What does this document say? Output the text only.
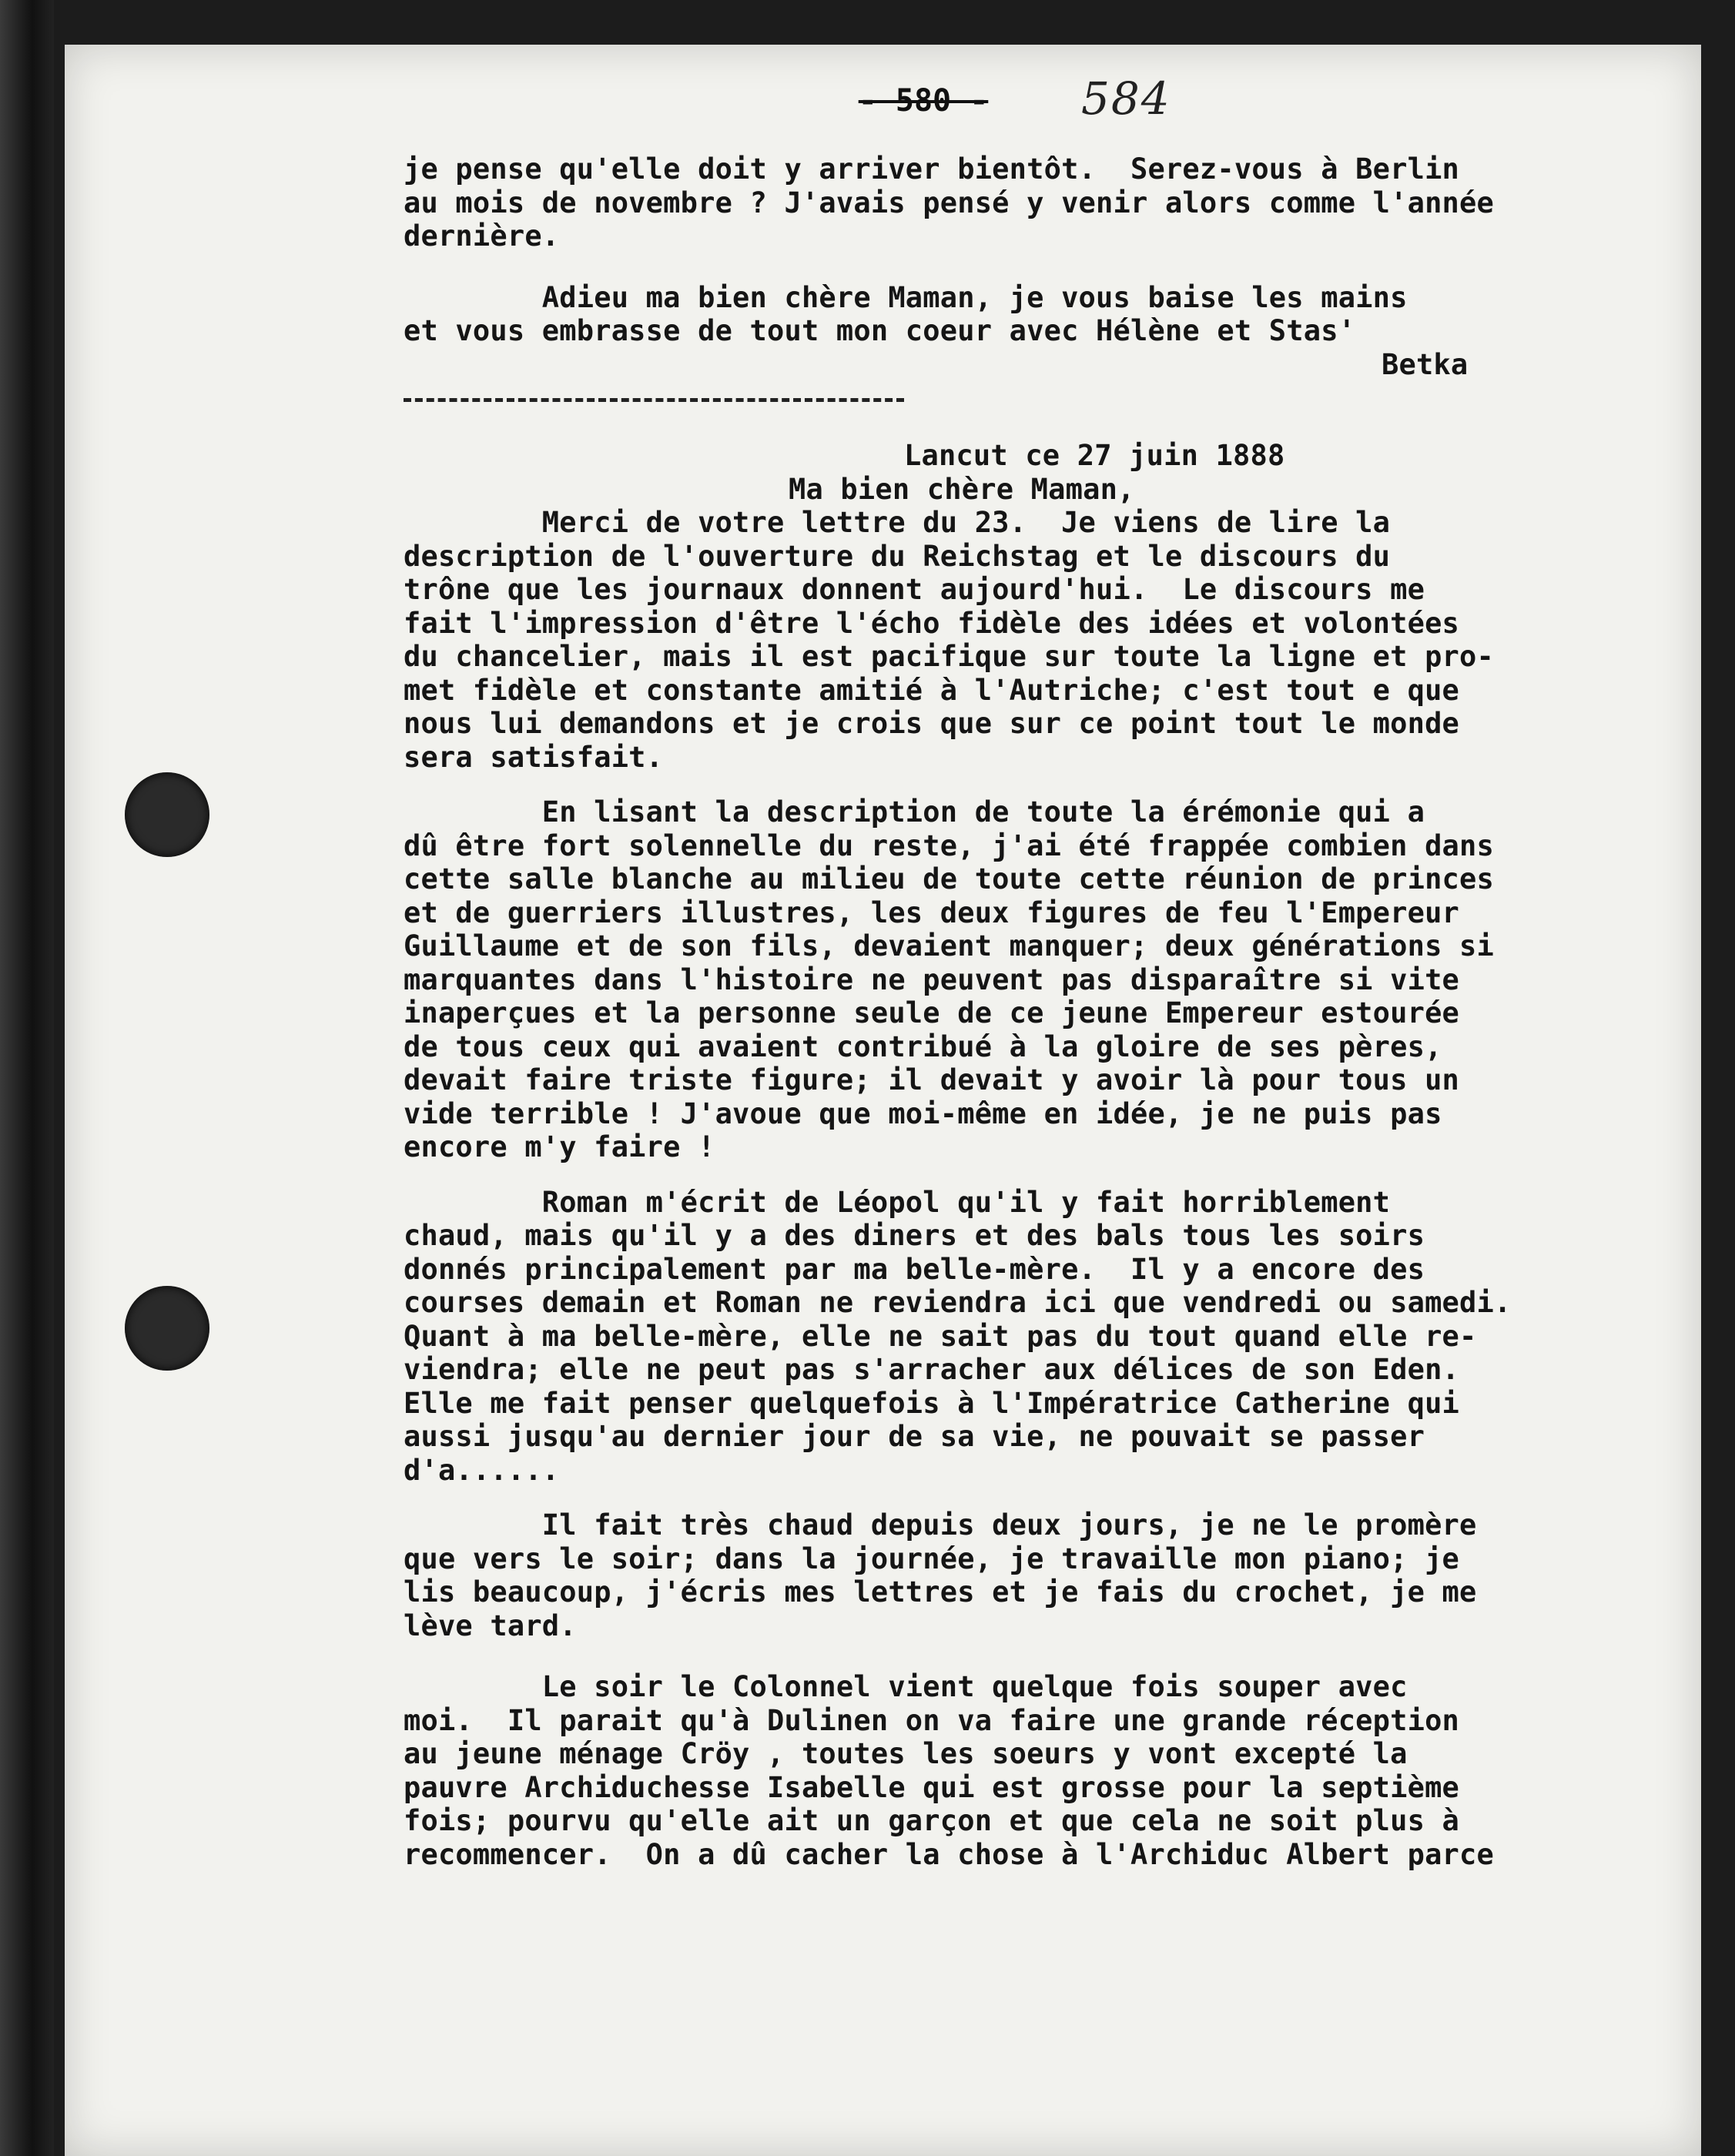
- 580 -	584

je pense qu'elle doit y arriver bientôt.  Serez-vous à Berlin

au mois de novembre ? J'avais pensé y venir alors comme l'année

dernière.

Adieu ma bien chère Maman, je vous baise les mains

et vous embrasse de tout mon coeur avec Hélène et Stas'

Betka

Lancut ce 27 juin 1888

Ma bien chère Maman,

Merci de votre lettre du 23.  Je viens de lire la

description de l'ouverture du Reichstag et le discours du

trône que les journaux donnent aujourd'hui.  Le discours me

fait l'impression d'être l'écho fidèle des idées et volontées

du chancelier, mais il est pacifique sur toute la ligne et pro-

met fidèle et constante amitié à l'Autriche; c'est tout e que

nous lui demandons et je crois que sur ce point tout le monde

sera satisfait.

En lisant la description de toute la érémonie qui a

dû être fort solennelle du reste, j'ai été frappée combien dans

cette salle blanche au milieu de toute cette réunion de princes

et de guerriers illustres, les deux figures de feu l'Empereur

Guillaume et de son fils, devaient manquer; deux générations si

marquantes dans l'histoire ne peuvent pas disparaître si vite

inaperçues et la personne seule de ce jeune Empereur estourée

de tous ceux qui avaient contribué à la gloire de ses pères,

devait faire triste figure; il devait y avoir là pour tous un

vide terrible ! J'avoue que moi-même en idée, je ne puis pas

encore m'y faire !

Roman m'écrit de Léopol qu'il y fait horriblement

chaud, mais qu'il y a des diners et des bals tous les soirs

donnés principalement par ma belle-mère.  Il y a encore des

courses demain et Roman ne reviendra ici que vendredi ou samedi.

Quant à ma belle-mère, elle ne sait pas du tout quand elle re-

viendra; elle ne peut pas s'arracher aux délices de son Eden.

Elle me fait penser quelquefois à l'Impératrice Catherine qui

aussi jusqu'au dernier jour de sa vie, ne pouvait se passer

d'a......

Il fait très chaud depuis deux jours, je ne le promère

que vers le soir; dans la journée, je travaille mon piano; je

lis beaucoup, j'écris mes lettres et je fais du crochet, je me

lève tard.

Le soir le Colonnel vient quelque fois souper avec

moi.  Il parait qu'à Dulinen on va faire une grande réception

au jeune ménage Cröy , toutes les soeurs y vont excepté la

pauvre Archiduchesse Isabelle qui est grosse pour la septième

fois; pourvu qu'elle ait un garçon et que cela ne soit plus à

recommencer.  On a dû cacher la chose à l'Archiduc Albert parce
